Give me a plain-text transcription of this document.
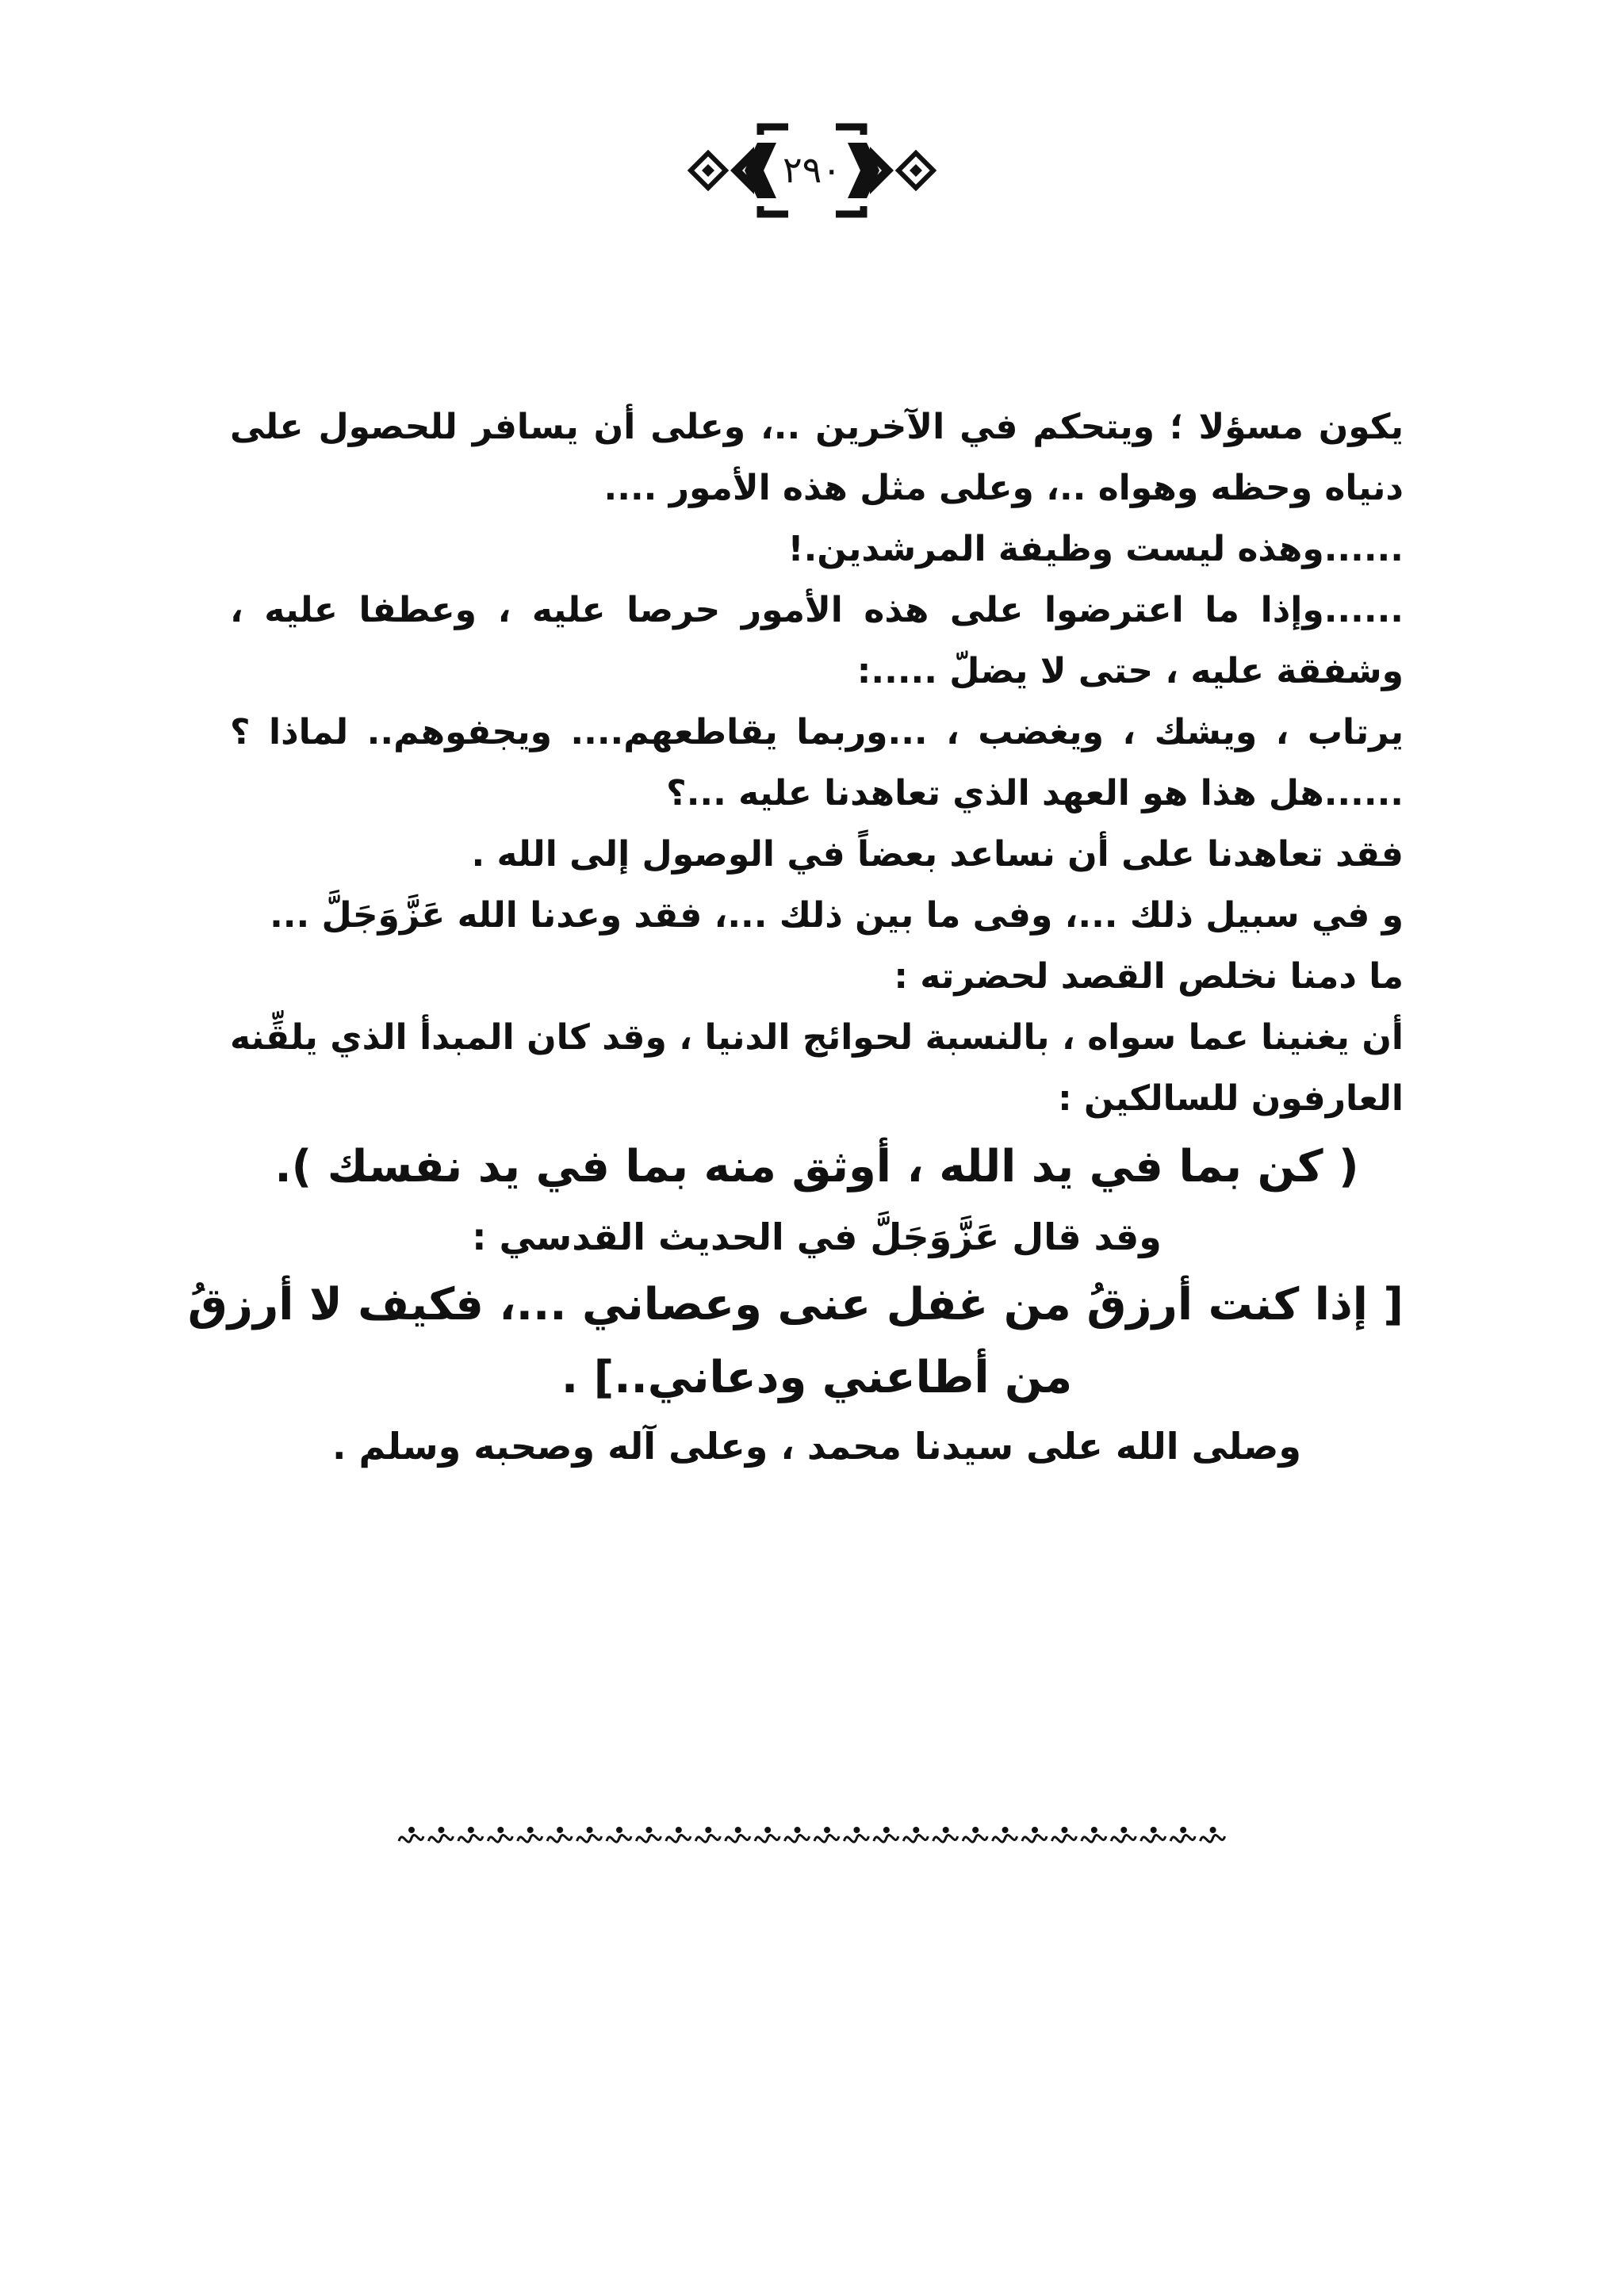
٢٩٠
يكون مسؤلا ؛ ويتحكم في الآخرين ..، وعلى أن يسافر للحصول على
دنياه وحظه وهواه ..، وعلى مثل هذه الأمور ....
......وهذه ليست وظيفة المرشدين.!
......وإذا ما اعترضوا على هذه الأمور حرصا عليه ، وعطفا عليه ،
وشفقة عليه ، حتى لا يضلّ .....:
يرتاب ، ويشك ، ويغضب ، ...وربما يقاطعهم.... ويجفوهم.. لماذا ؟
......هل هذا هو العهد الذي تعاهدنا عليه ...؟
فقد تعاهدنا على أن نساعد بعضاً في الوصول إلى الله .
و في سبيل ذلك ...، وفى ما بين ذلك ...، فقد وعدنا الله عَزَّوَجَلَّ ...
ما دمنا نخلص القصد لحضرته :
أن يغنينا عما سواه ، بالنسبة لحوائج الدنيا ، وقد كان المبدأ الذي يلقِّنه
العارفون للسالكين :
( كن بما في يد الله ، أوثق منه بما في يد نفسك ).
وقد قال عَزَّوَجَلَّ في الحديث القدسي :
[ إذا كنت أرزقُ من غفل عنى وعصاني ...، فكيف لا أرزقُ
من أطاعني ودعاني..] .
وصلى الله على سيدنا محمد ، وعلى آله وصحبه وسلم .
